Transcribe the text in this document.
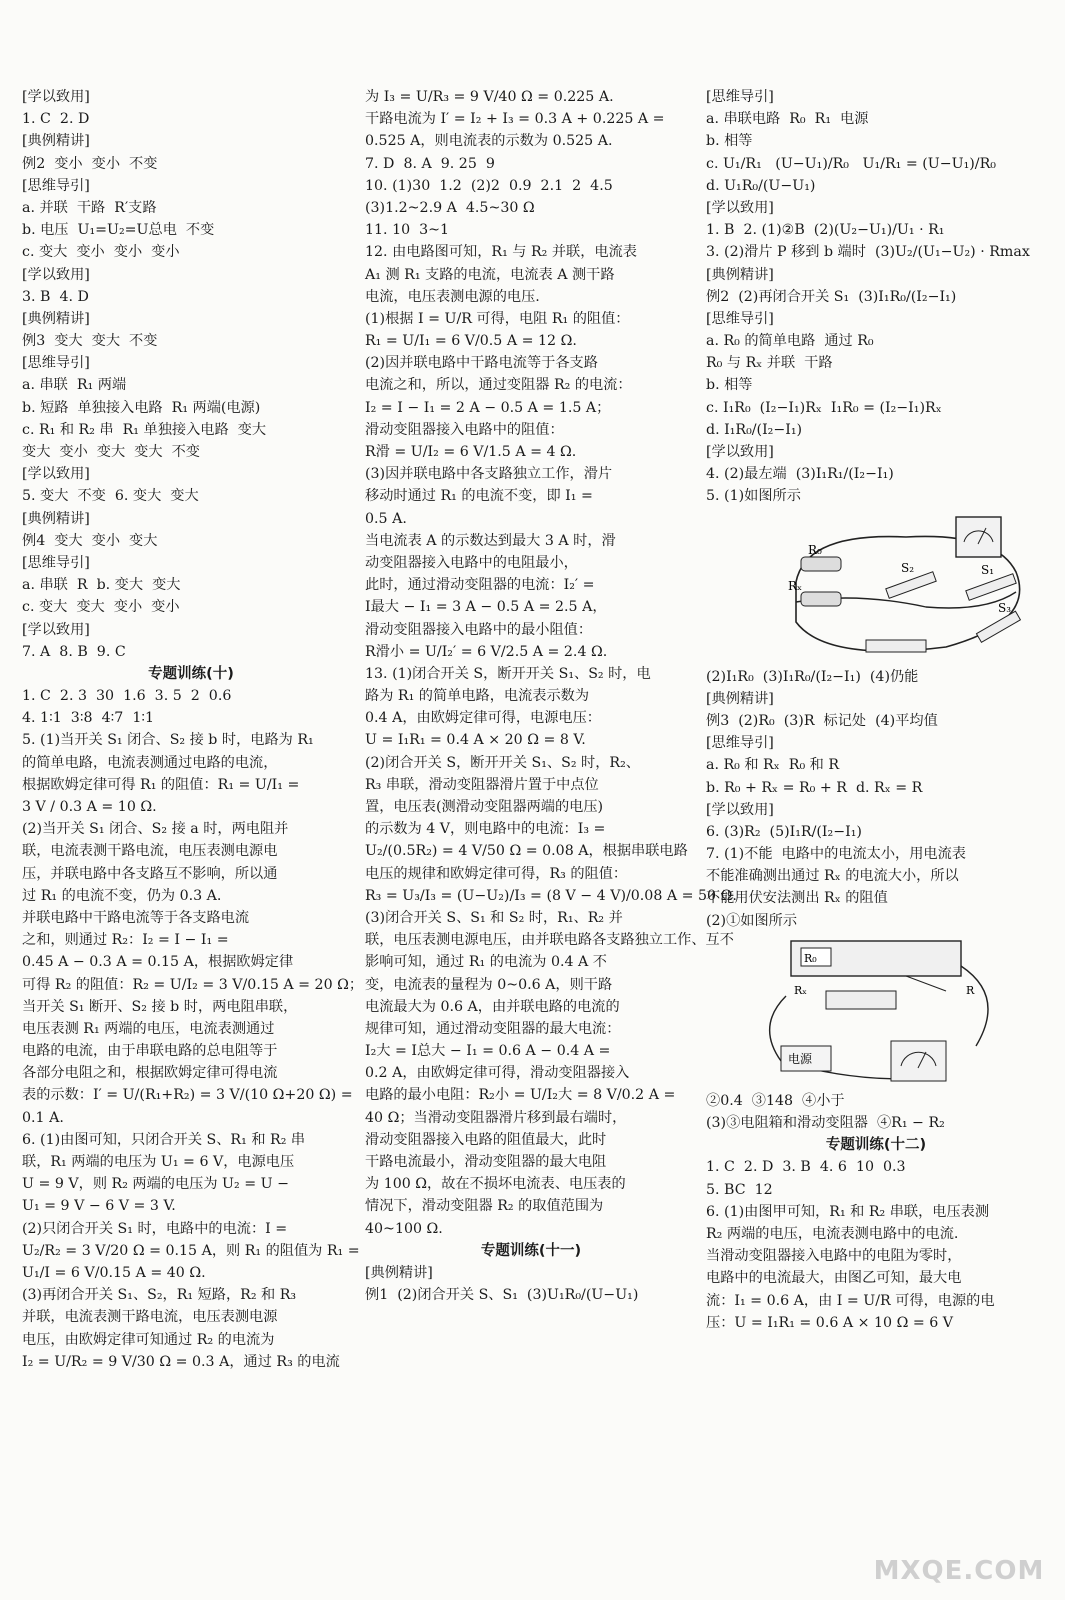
[学以致用]
1. C  2. D
[典例精讲]
例2  变小  变小  不变
[思维导引]
a. 并联  干路  R′支路
b. 电压  U₁=U₂=U总电  不变
c. 变大  变小  变小  变小
[学以致用]
3. B  4. D
[典例精讲]
例3  变大  变大  不变
[思维导引]
a. 串联  R₁ 两端
b. 短路  单独接入电路  R₁ 两端(电源)
c. R₁ 和 R₂ 串  R₁ 单独接入电路  变大
变大  变小  变大  变大  不变
[学以致用]
5. 变大  不变  6. 变大  变大
[典例精讲]
例4  变大  变小  变大
[思维导引]
a. 串联  R  b. 变大  变大
c. 变大  变大  变小  变小
[学以致用]
7. A  8. B  9. C
专题训练(十)
1. C  2. 3  30  1.6  3. 5  2  0.6
4. 1∶1  3∶8  4∶7  1∶1
5. (1)当开关 S₁ 闭合、S₂ 接 b 时，电路为 R₁
的简单电路，电流表测通过电路的电流，
根据欧姆定律可得 R₁ 的阻值：R₁ = U/I₁ =
3 V / 0.3 A = 10 Ω.
(2)当开关 S₁ 闭合、S₂ 接 a 时，两电阻并
联，电流表测干路电流，电压表测电源电
压，并联电路中各支路互不影响，所以通
过 R₁ 的电流不变，仍为 0.3 A.
并联电路中干路电流等于各支路电流
之和，则通过 R₂：I₂ = I − I₁ =
0.45 A − 0.3 A = 0.15 A，根据欧姆定律
可得 R₂ 的阻值：R₂ = U/I₂ = 3 V/0.15 A = 20 Ω；
当开关 S₁ 断开、S₂ 接 b 时，两电阻串联，
电压表测 R₁ 两端的电压，电流表测通过
电路的电流，由于串联电路的总电阻等于
各部分电阻之和，根据欧姆定律可得电流
表的示数：I′ = U/(R₁+R₂) = 3 V/(10 Ω+20 Ω) =
0.1 A.
6. (1)由图可知，只闭合开关 S、R₁ 和 R₂ 串
联，R₁ 两端的电压为 U₁ = 6 V，电源电压
U = 9 V，则 R₂ 两端的电压为 U₂ = U −
U₁ = 9 V − 6 V = 3 V.
(2)只闭合开关 S₁ 时，电路中的电流：I =
U₂/R₂ = 3 V/20 Ω = 0.15 A，则 R₁ 的阻值为 R₁ =
U₁/I = 6 V/0.15 A = 40 Ω.
(3)再闭合开关 S₁、S₂，R₁ 短路，R₂ 和 R₃
并联，电流表测干路电流，电压表测电源
电压，由欧姆定律可知通过 R₂ 的电流为
I₂ = U/R₂ = 9 V/30 Ω = 0.3 A，通过 R₃ 的电流
为 I₃ = U/R₃ = 9 V/40 Ω = 0.225 A.
干路电流为 I′ = I₂ + I₃ = 0.3 A + 0.225 A =
0.525 A，则电流表的示数为 0.525 A.
7. D  8. A  9. 25  9
10. (1)30  1.2  (2)2  0.9  2.1  2  4.5
(3)1.2~2.9 A  4.5~30 Ω
11. 10  3~1
12. 由电路图可知，R₁ 与 R₂ 并联，电流表
A₁ 测 R₁ 支路的电流，电流表 A 测干路
电流，电压表测电源的电压.
(1)根据 I = U/R 可得，电阻 R₁ 的阻值：
R₁ = U/I₁ = 6 V/0.5 A = 12 Ω.
(2)因并联电路中干路电流等于各支路
电流之和，所以，通过变阻器 R₂ 的电流：
I₂ = I − I₁ = 2 A − 0.5 A = 1.5 A；
滑动变阻器接入电路中的阻值：
R滑 = U/I₂ = 6 V/1.5 A = 4 Ω.
(3)因并联电路中各支路独立工作，滑片
移动时通过 R₁ 的电流不变，即 I₁ =
0.5 A.
当电流表 A 的示数达到最大 3 A 时，滑
动变阻器接入电路中的电阻最小，
此时，通过滑动变阻器的电流：I₂′ =
I最大 − I₁ = 3 A − 0.5 A = 2.5 A，
滑动变阻器接入电路中的最小阻值：
R滑小 = U/I₂′ = 6 V/2.5 A = 2.4 Ω.
13. (1)闭合开关 S，断开开关 S₁、S₂ 时，电
路为 R₁ 的简单电路，电流表示数为
0.4 A，由欧姆定律可得，电源电压：
U = I₁R₁ = 0.4 A × 20 Ω = 8 V.
(2)闭合开关 S，断开开关 S₁、S₂ 时，R₂、
R₃ 串联，滑动变阻器滑片置于中点位
置，电压表(测滑动变阻器两端的电压)
的示数为 4 V，则电路中的电流：I₃ =
U₂/(0.5R₂) = 4 V/50 Ω = 0.08 A，根据串联电路
电压的规律和欧姆定律可得，R₃ 的阻值：
R₃ = U₃/I₃ = (U−U₂)/I₃ = (8 V − 4 V)/0.08 A = 50 Ω.
(3)闭合开关 S、S₁ 和 S₂ 时，R₁、R₂ 并
联，电压表测电源电压，由并联电路各支路独立工作、互不
影响可知，通过 R₁ 的电流为 0.4 A 不
变，电流表的量程为 0~0.6 A，则干路
电流最大为 0.6 A，由并联电路的电流的
规律可知，通过滑动变阻器的最大电流：
I₂大 = I总大 − I₁ = 0.6 A − 0.4 A =
0.2 A，由欧姆定律可得，滑动变阻器接入
电路的最小电阻：R₂小 = U/I₂大 = 8 V/0.2 A =
40 Ω；当滑动变阻器滑片移到最右端时，
滑动变阻器接入电路的阻值最大，此时
干路电流最小，滑动变阻器的最大电阻
为 100 Ω，故在不损坏电流表、电压表的
情况下，滑动变阻器 R₂ 的取值范围为
40~100 Ω.
专题训练(十一)
[典例精讲]
例1  (2)闭合开关 S、S₁  (3)U₁R₀/(U−U₁)
[思维导引]
a. 串联电路  R₀  R₁  电源
b. 相等
c. U₁/R₁   (U−U₁)/R₀   U₁/R₁ = (U−U₁)/R₀
d. U₁R₀/(U−U₁)
[学以致用]
1. B  2. (1)②B  (2)(U₂−U₁)/U₁ · R₁
3. (2)滑片 P 移到 b 端时  (3)U₂/(U₁−U₂) · Rmax
[典例精讲]
例2  (2)再闭合开关 S₁  (3)I₁R₀/(I₂−I₁)
[思维导引]
a. R₀ 的简单电路  通过 R₀
R₀ 与 Rₓ 并联  干路
b. 相等
c. I₁R₀  (I₂−I₁)Rₓ  I₁R₀ = (I₂−I₁)Rₓ
d. I₁R₀/(I₂−I₁)
[学以致用]
4. (2)最左端  (3)I₁R₁/(I₂−I₁)
5. (1)如图所示
R₀
Rₓ
S₁
S₂
S₃
(2)I₁R₀  (3)I₁R₀/(I₂−I₁)  (4)仍能
[典例精讲]
例3  (2)R₀  (3)R  标记处  (4)平均值
[思维导引]
a. R₀ 和 Rₓ  R₀ 和 R
b. R₀ + Rₓ = R₀ + R  d. Rₓ = R
[学以致用]
6. (3)R₂  (5)I₁R/(I₂−I₁)
7. (1)不能  电路中的电流太小，用电流表
不能准确测出通过 Rₓ 的电流大小，所以
不能用伏安法测出 Rₓ 的阻值
(2)①如图所示
R₀
Rₓ	R
电源
②0.4  ③148  ④小于
(3)③电阻箱和滑动变阻器  ④R₁ − R₂
专题训练(十二)
1. C  2. D  3. B  4. 6  10  0.3
5. BC  12
6. (1)由图甲可知，R₁ 和 R₂ 串联，电压表测
R₂ 两端的电压，电流表测电路中的电流.
当滑动变阻器接入电路中的电阻为零时，
电路中的电流最大，由图乙可知，最大电
流：I₁ = 0.6 A，由 I = U/R 可得，电源的电
压：U = I₁R₁ = 0.6 A × 10 Ω = 6 V
MXQE.COM
